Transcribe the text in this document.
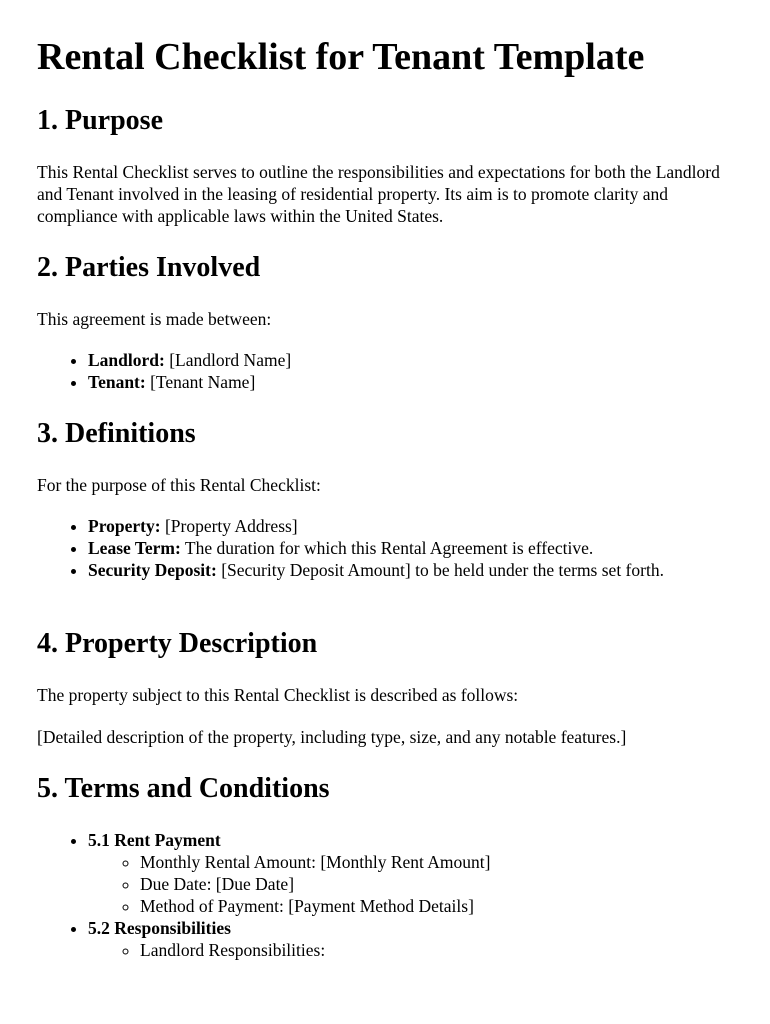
Rental Checklist for Tenant Template
1. Purpose

This Rental Checklist serves to outline the responsibilities and expectations for both the Landlord and Tenant involved in the leasing of residential property. Its aim is to promote clarity and compliance with applicable laws within the United States.

2. Parties Involved

This agreement is made between:

• Landlord: [Landlord Name]
• Tenant: [Tenant Name]
3. Definitions

For the purpose of this Rental Checklist:

• Property: [Property Address]
• Lease Term: The duration for which this Rental Agreement is effective.
• Security Deposit: [Security Deposit Amount] to be held under the terms set forth.
4. Property Description

The property subject to this Rental Checklist is described as follows:

[Detailed description of the property, including type, size, and any notable features.]

5. Terms and Conditions
• 5.1 Rent Payment
◦ Monthly Rental Amount: [Monthly Rent Amount]
◦ Due Date: [Due Date]
◦ Method of Payment: [Payment Method Details]
• 5.2 Responsibilities
◦ Landlord Responsibilities:
